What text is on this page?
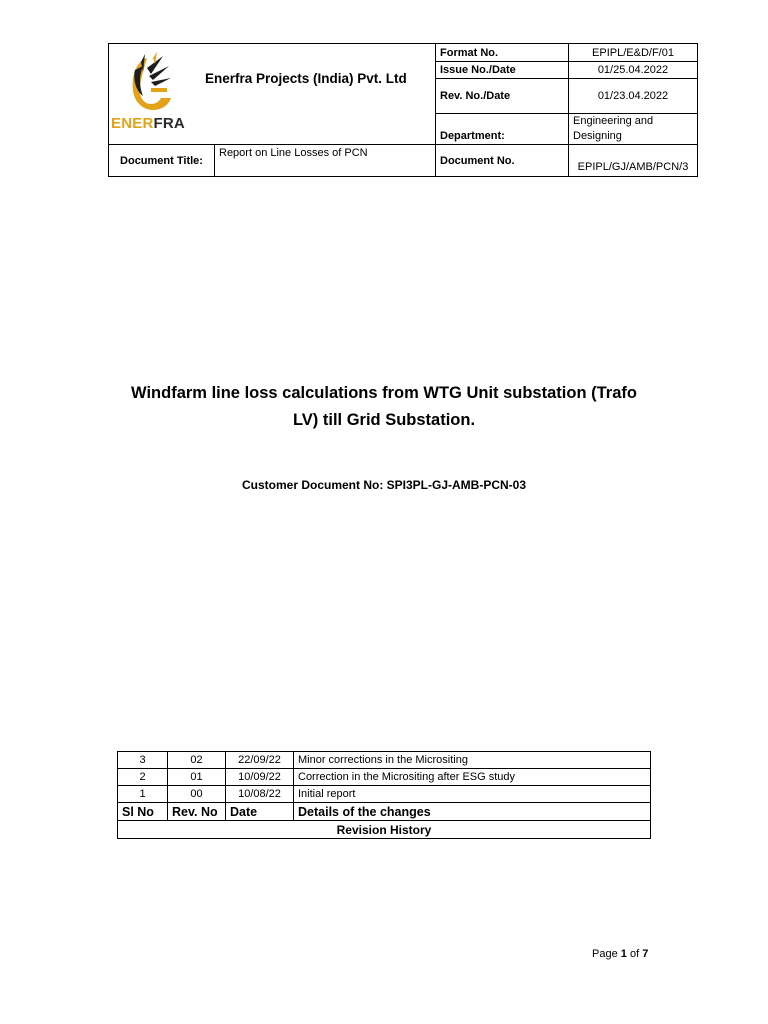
ENERFRA
Enerfra Projects (India) Pvt. Ltd		Format No.	EPIPL/E&D/F/01
		Issue No./Date	01/25.04.2022
		Rev. No./Date	01/23.04.2022
		Department:	Engineering and Designing
Document Title:	Report on Line Losses of PCN	Document No.	EPIPL/GJ/AMB/PCN/3
Windfarm line loss calculations from WTG Unit substation (Trafo
LV) till Grid Substation.
Customer Document No: SPI3PL-GJ-AMB-PCN-03
3	02	22/09/22	Minor corrections in the Micrositing
2	01	10/09/22	Correction in the Micrositing after ESG study
1	00	10/08/22	Initial report
Sl No	Rev. No	Date	Details of the changes
Revision History			
Page 1 of 7
